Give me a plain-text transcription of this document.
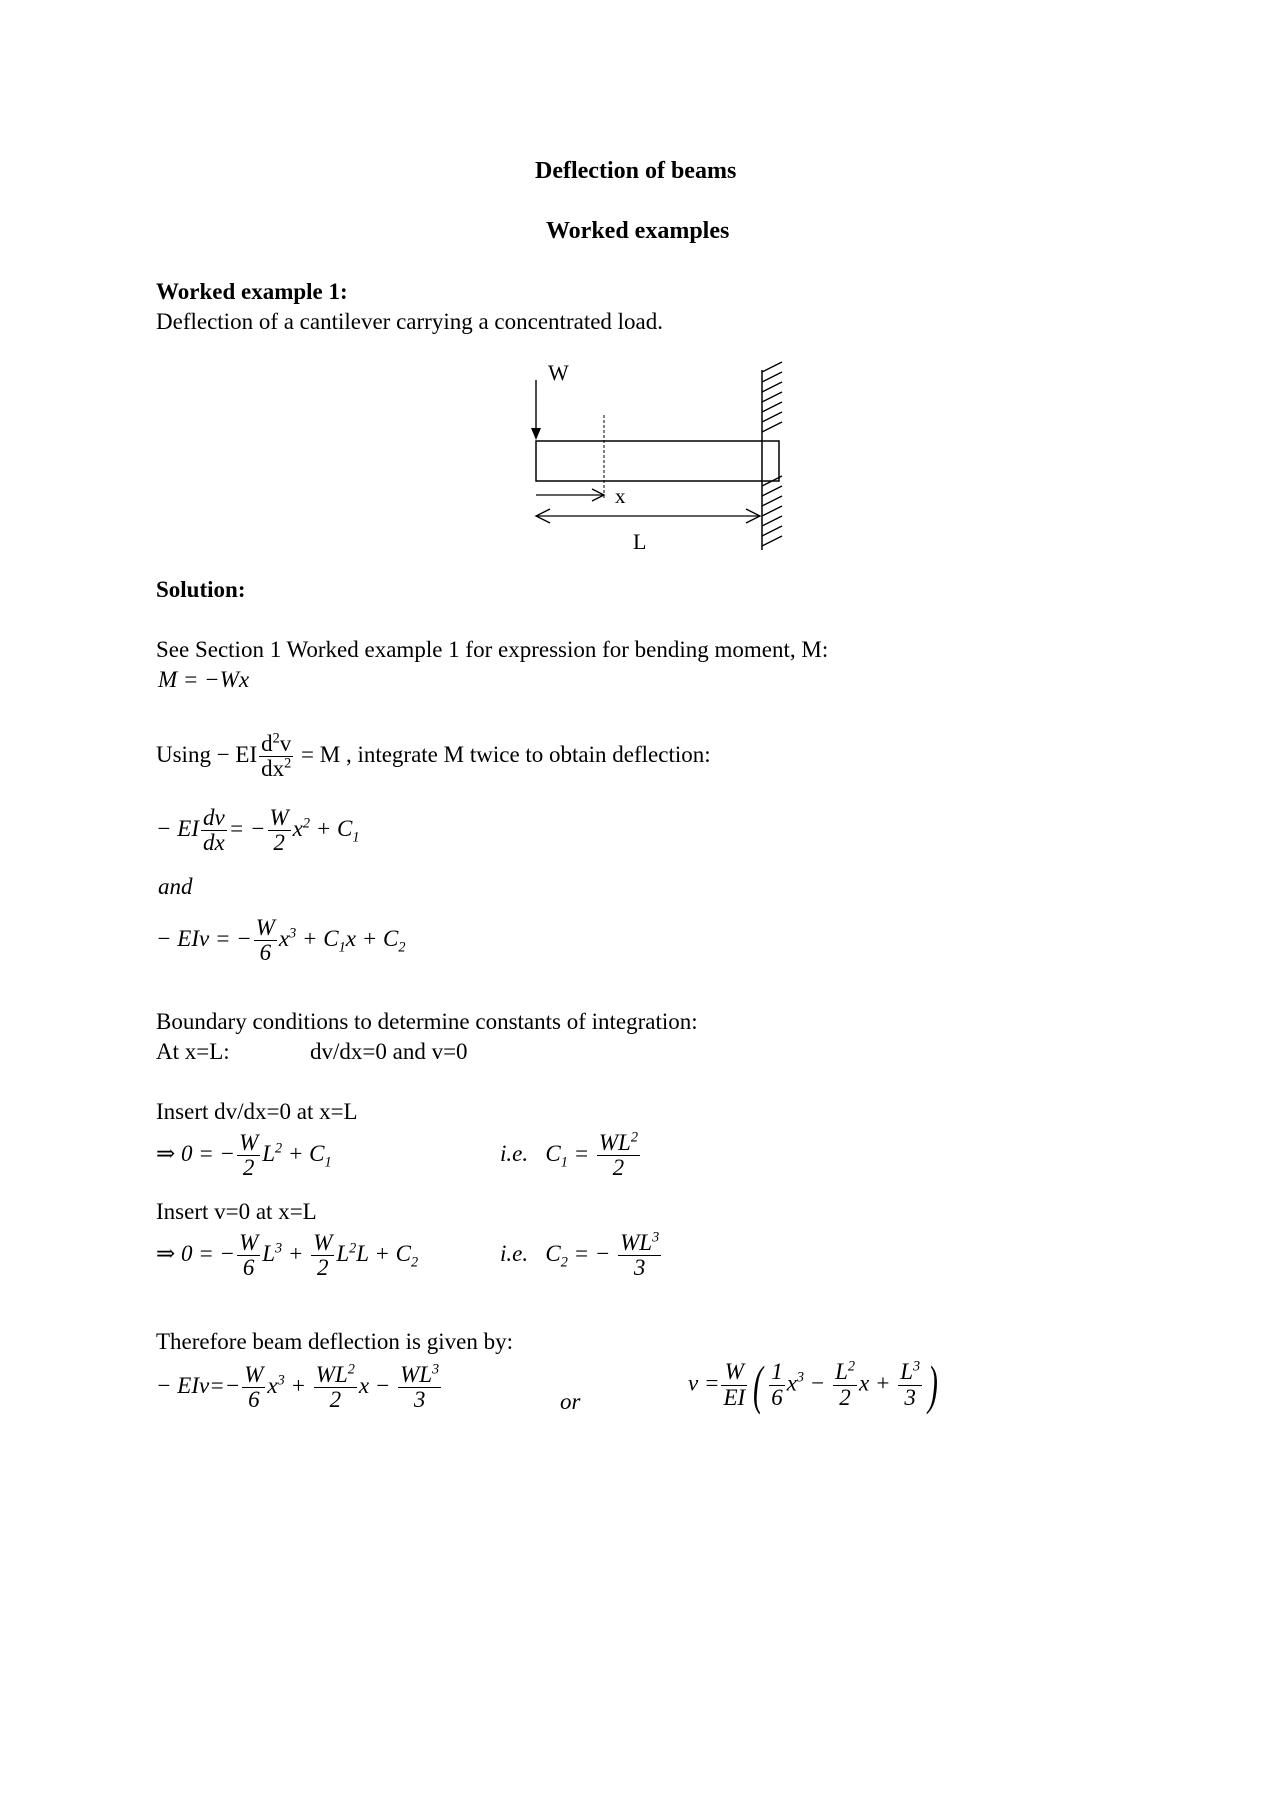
Deflection of beams
Worked examples
Worked example 1:
Deflection of a cantilever carrying a concentrated load.
W
x
L
Solution:
See Section 1 Worked example 1 for expression for bending moment, M:
M = −Wx
Using − EI $\frac{d^2v}{dx^2} = M$ , integrate M twice to obtain deflection:
− EI $\frac{dv}{dx}$ = − $\frac{W}{2} x^2 + C_1$
and
− EIv = − $\frac{W}{6} x^3 + C_1x + C_2$
Boundary conditions to determine constants of integration:
At x=L:	dv/dx=0 and v=0
Insert dv/dx=0 at x=L
⇒ 0 = − $\frac{W}{2} L^2 + C_1$	i.e. $C_1 = \frac{WL^2}{2}$
Insert v=0 at x=L
⇒ 0 = − $\frac{W}{6} L^3 + \frac{W}{2} L^2L + C_2$	i.e. $C_2$ = − $\frac{WL^3}{3}$
Therefore beam deflection is given by:
− $EIv=- \frac{W}{6} x^3 + \frac{WL^2}{2}$ $x - \frac{WL^3}{3}$	or
$v = \frac{W}{EI}$ ( $\frac{1}{6} x^3 - \frac{L^2}{2}$ $x + \frac{L^3}{3}$ )
